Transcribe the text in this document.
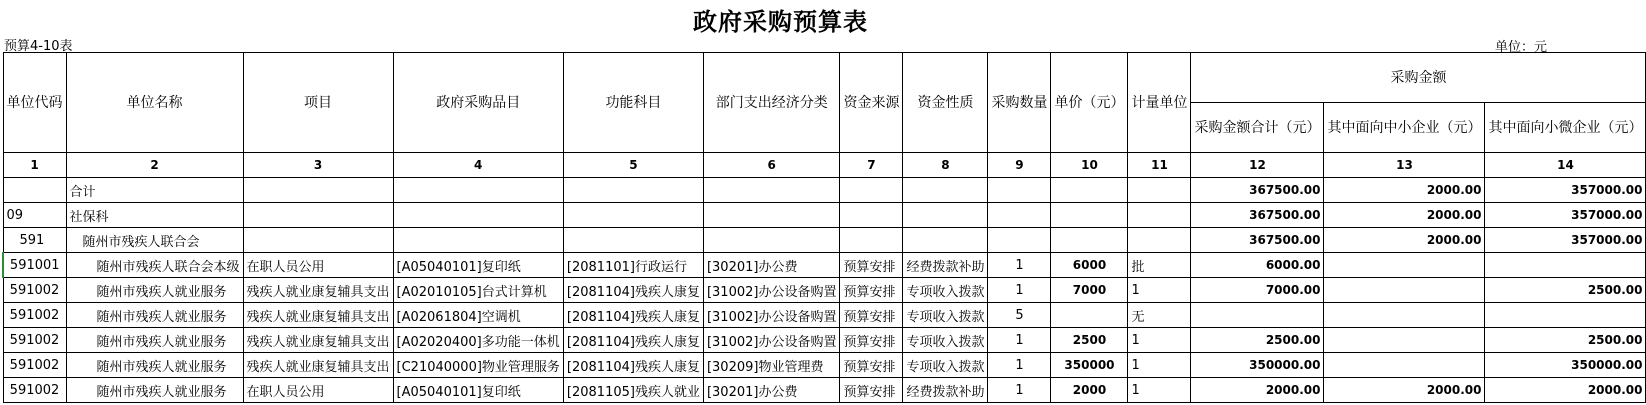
政府采购预算表
预算4-10表	单位：元
单位代码	单位名称	项目	政府采购品目	功能科目	部门支出经济分类	资金来源	资金性质	采购数量	单价（元）	计量单位	采购金额		
											采购金额合计（元）	其中面向中小企业（元）	其中面向小微企业（元）
1	2	3	4	5	6	7	8	9	10	11	12	13	14
	合计										367500.00	2000.00	357000.00
09	社保科										367500.00	2000.00	357000.00
591	随州市残疾人联合会										367500.00	2000.00	357000.00
591001	随州市残疾人联合会本级	在职人员公用	[A05040101]复印纸	[2081101]行政运行	[30201]办公费	预算安排	经费拨款补助	1	6000	批	6000.00		
591002	随州市残疾人就业服务	残疾人就业康复辅具支出	[A02010105]台式计算机	[2081104]残疾人康复	[31002]办公设备购置	预算安排	专项收入拨款	1	7000	1	7000.00		2500.00
591002	随州市残疾人就业服务	残疾人就业康复辅具支出	[A02061804]空调机	[2081104]残疾人康复	[31002]办公设备购置	预算安排	专项收入拨款	5		无			
591002	随州市残疾人就业服务	残疾人就业康复辅具支出	[A02020400]多功能一体机	[2081104]残疾人康复	[31002]办公设备购置	预算安排	专项收入拨款	1	2500	1	2500.00		2500.00
591002	随州市残疾人就业服务	残疾人就业康复辅具支出	[C21040000]物业管理服务	[2081104]残疾人康复	[30209]物业管理费	预算安排	专项收入拨款	1	350000	1	350000.00		350000.00
591002	随州市残疾人就业服务	在职人员公用	[A05040101]复印纸	[2081105]残疾人就业	[30201]办公费	预算安排	经费拨款补助	1	2000	1	2000.00	2000.00	2000.00
